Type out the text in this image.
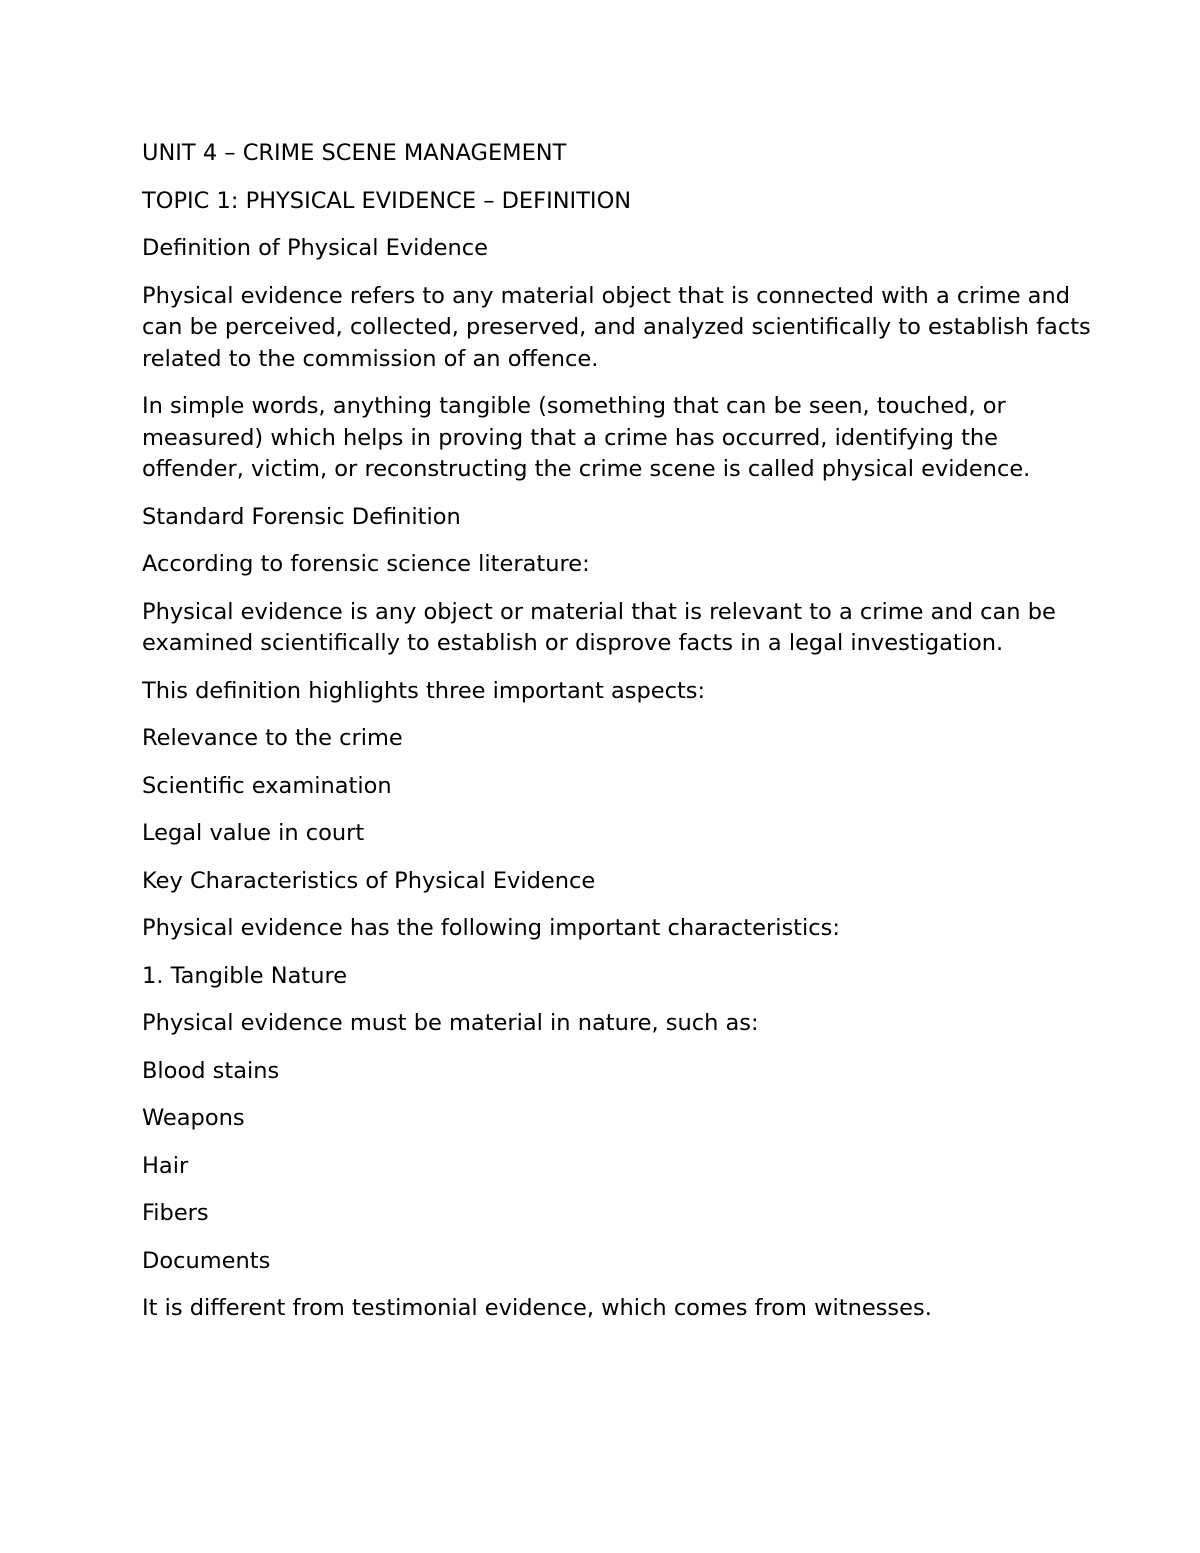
UNIT 4 – CRIME SCENE MANAGEMENT

TOPIC 1: PHYSICAL EVIDENCE – DEFINITION

Definition of Physical Evidence

Physical evidence refers to any material object that is connected with a crime and can be perceived, collected, preserved, and analyzed scientifically to establish facts related to the commission of an offence.

In simple words, anything tangible (something that can be seen, touched, or measured) which helps in proving that a crime has occurred, identifying the offender, victim, or reconstructing the crime scene is called physical evidence.

Standard Forensic Definition

According to forensic science literature:

Physical evidence is any object or material that is relevant to a crime and can be examined scientifically to establish or disprove facts in a legal investigation.

This definition highlights three important aspects:

Relevance to the crime

Scientific examination

Legal value in court

Key Characteristics of Physical Evidence

Physical evidence has the following important characteristics:

1. Tangible Nature

Physical evidence must be material in nature, such as:

Blood stains

Weapons

Hair

Fibers

Documents

It is different from testimonial evidence, which comes from witnesses.
